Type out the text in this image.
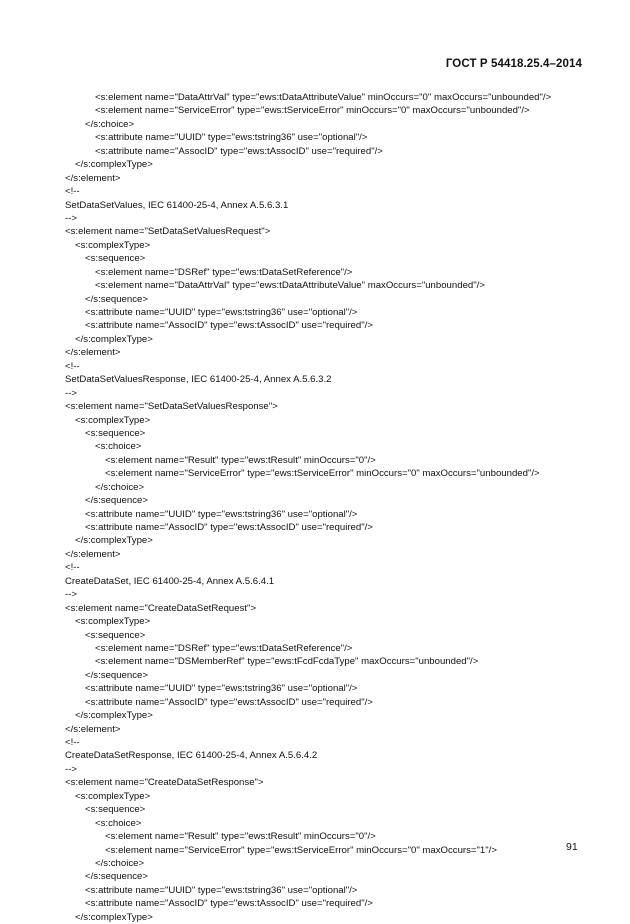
ГОСТ Р 54418.25.4–2014
<s:element name="DataAttrVal" type="ews:tDataAttributeValue" minOccurs="0" maxOccurs="unbounded"/>
<s:element name="ServiceError" type="ews:tServiceError" minOccurs="0" maxOccurs="unbounded"/>
</s:choice>
<s:attribute name="UUID" type="ews:tstring36" use="optional"/>
<s:attribute name="AssocID" type="ews:tAssocID" use="required"/>
</s:complexType>
</s:element>
<!--
SetDataSetValues, IEC 61400-25-4, Annex A.5.6.3.1
-->
<s:element name="SetDataSetValuesRequest">
<s:complexType>
<s:sequence>
<s:element name="DSRef" type="ews:tDataSetReference"/>
<s:element name="DataAttrVal" type="ews:tDataAttributeValue" maxOccurs="unbounded"/>
</s:sequence>
<s:attribute name="UUID" type="ews:tstring36" use="optional"/>
<s:attribute name="AssocID" type="ews:tAssocID" use="required"/>
</s:complexType>
</s:element>
<!--
SetDataSetValuesResponse, IEC 61400-25-4, Annex A.5.6.3.2
-->
<s:element name="SetDataSetValuesResponse">
<s:complexType>
<s:sequence>
<s:choice>
<s:element name="Result" type="ews:tResult" minOccurs="0"/>
<s:element name="ServiceError" type="ews:tServiceError" minOccurs="0" maxOccurs="unbounded"/>
</s:choice>
</s:sequence>
<s:attribute name="UUID" type="ews:tstring36" use="optional"/>
<s:attribute name="AssocID" type="ews:tAssocID" use="required"/>
</s:complexType>
</s:element>
<!--
CreateDataSet, IEC 61400-25-4, Annex A.5.6.4.1
-->
<s:element name="CreateDataSetRequest">
<s:complexType>
<s:sequence>
<s:element name="DSRef" type="ews:tDataSetReference"/>
<s:element name="DSMemberRef" type="ews:tFcdFcdaType" maxOccurs="unbounded"/>
</s:sequence>
<s:attribute name="UUID" type="ews:tstring36" use="optional"/>
<s:attribute name="AssocID" type="ews:tAssocID" use="required"/>
</s:complexType>
</s:element>
<!--
CreateDataSetResponse, IEC 61400-25-4, Annex A.5.6.4.2
-->
<s:element name="CreateDataSetResponse">
<s:complexType>
<s:sequence>
<s:choice>
<s:element name="Result" type="ews:tResult" minOccurs="0"/>
<s:element name="ServiceError" type="ews:tServiceError" minOccurs="0" maxOccurs="1"/>
</s:choice>
</s:sequence>
<s:attribute name="UUID" type="ews:tstring36" use="optional"/>
<s:attribute name="AssocID" type="ews:tAssocID" use="required"/>
</s:complexType>
91
